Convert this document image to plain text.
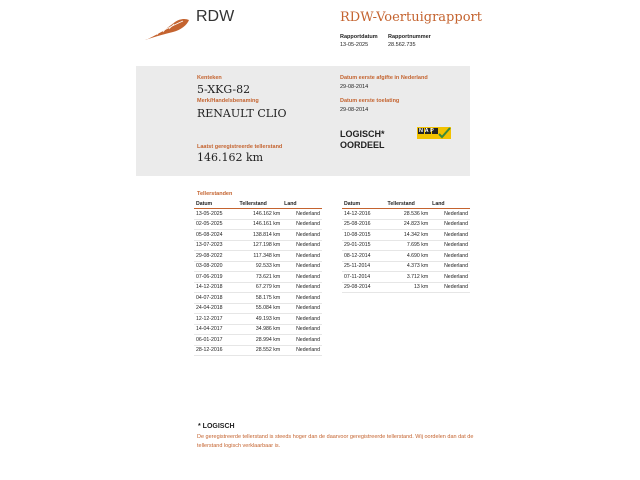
RDW	RDW-Voertuigrapport
Rapportdatum
13-05-2025
Rapportnummer
28.562.735
Kenteken
5-XKG-82
Merk/Handelsbenaming
RENAULT CLIO
Laatst geregistreerde tellerstand
146.162 km
Datum eerste afgifte in Nederland
29-08-2014
Datum eerste toelating
29-08-2014
LOGISCH*
OORDEEL
NAP
Tellerstanden
Datum	Tellerstand	Land
13-05-2025	146.162 km	Nederland
02-05-2025	146.161 km	Nederland
05-08-2024	138.814 km	Nederland
13-07-2023	127.198 km	Nederland
29-08-2022	117.348 km	Nederland
03-08-2020	92.533 km	Nederland
07-06-2019	73.621 km	Nederland
14-12-2018	67.279 km	Nederland
04-07-2018	58.175 km	Nederland
24-04-2018	55.084 km	Nederland
12-12-2017	49.193 km	Nederland
14-04-2017	34.986 km	Nederland
06-01-2017	28.994 km	Nederland
28-12-2016	28.552 km	Nederland
Datum	Tellerstand	Land
14-12-2016	28.536 km	Nederland
25-08-2016	24.823 km	Nederland
10-08-2015	14.342 km	Nederland
29-01-2015	7.695 km	Nederland
08-12-2014	4.690 km	Nederland
25-11-2014	4.373 km	Nederland
07-11-2014	3.712 km	Nederland
29-08-2014	13 km	Nederland
* LOGISCH
De geregistreerde tellerstand is steeds hoger dan de daarvoor geregistreerde tellerstand. Wij oordelen dan dat de tellerstand logisch verklaarbaar is.
